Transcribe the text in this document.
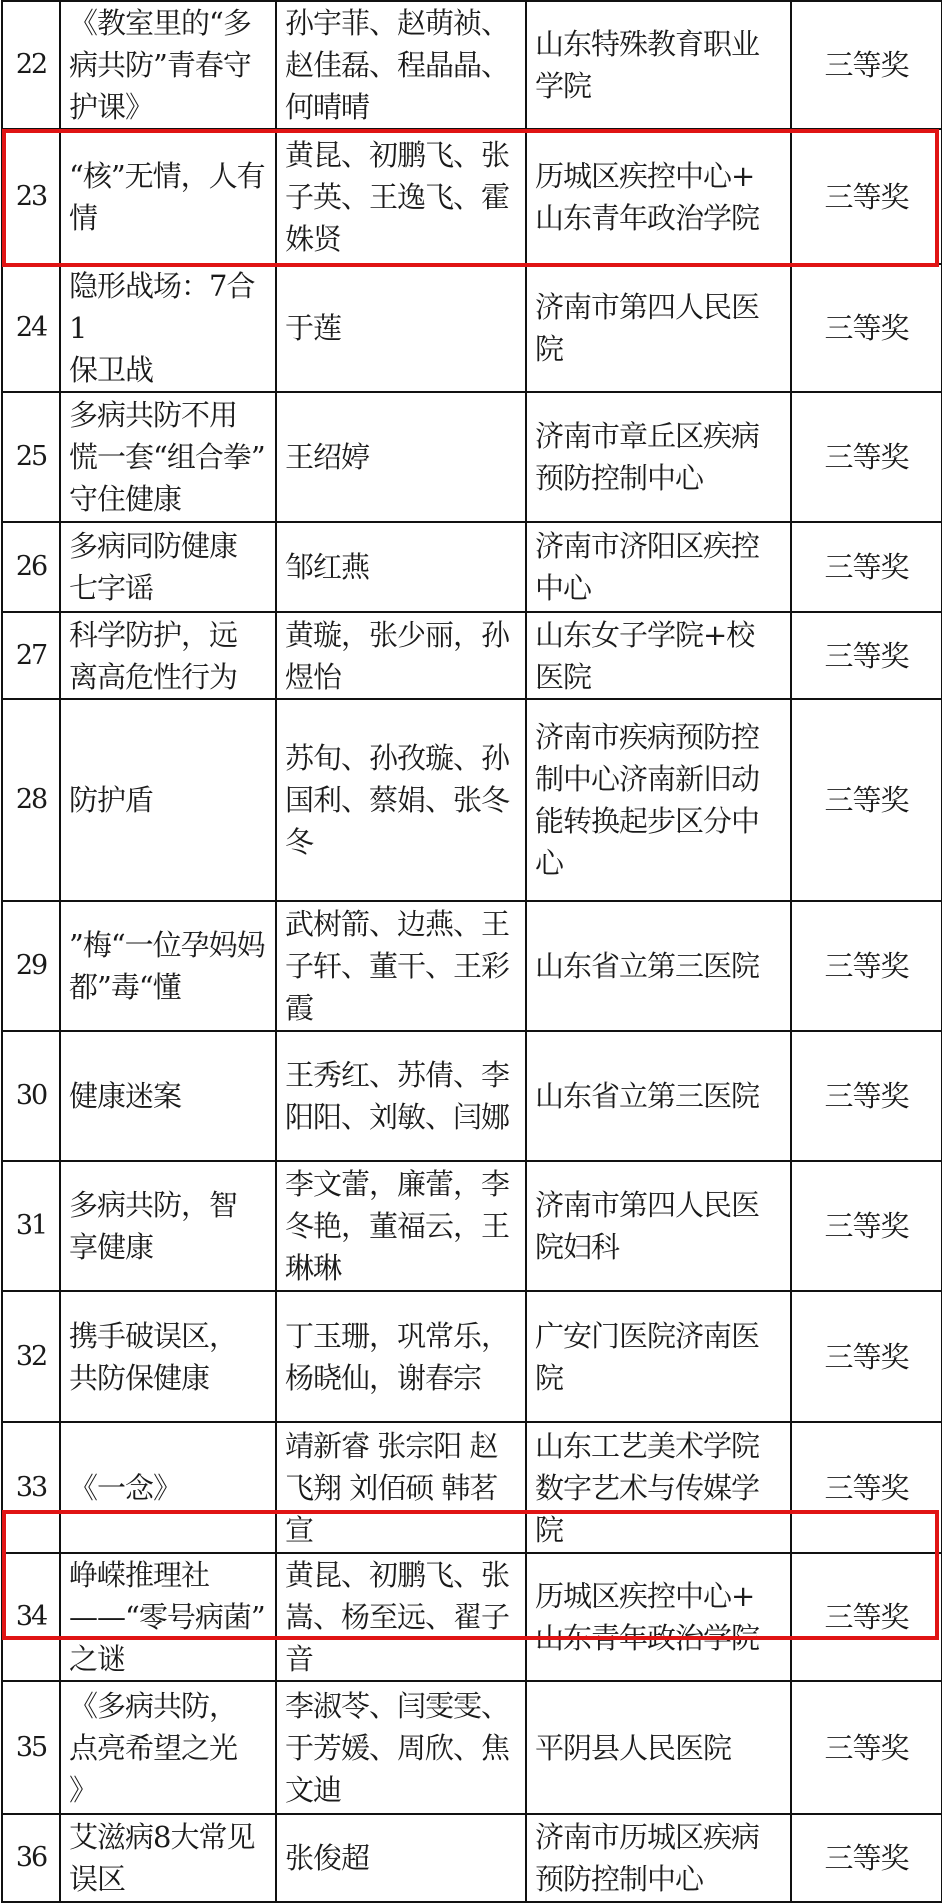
22	《教室里的“多
病共防”青春守
护课》	孙宇菲、赵萌祯、
赵佳磊、程晶晶、
何晴晴	山东特殊教育职业
学院	三等奖
23	“核”无情，人有
情	黄昆、初鹏飞、张
子英、王逸飞、霍
姝贤	历城区疾控中心+
山东青年政治学院	三等奖
24	隐形战场：7合1
保卫战	于莲	济南市第四人民医
院	三等奖
25	多病共防不用
慌一套“组合拳”
守住健康	王绍婷	济南市章丘区疾病
预防控制中心	三等奖
26	多病同防健康
七字谣	邹红燕	济南市济阳区疾控
中心	三等奖
27	科学防护，远
离高危性行为	黄璇，张少丽，孙
煜怡	山东女子学院+校
医院	三等奖
28	防护盾	苏旬、孙孜璇、孙
国利、蔡娟、张冬
冬	济南市疾病预防控
制中心济南新旧动
能转换起步区分中
心	三等奖
29	”梅“一位孕妈妈
都”毒“懂	武树箭、边燕、王
子轩、董干、王彩
霞	山东省立第三医院	三等奖
30	健康迷案	王秀红、苏倩、李
阳阳、刘敏、闫娜	山东省立第三医院	三等奖
31	多病共防，智
享健康	李文蕾，廉蕾，李
冬艳，董福云，王
琳琳	济南市第四人民医
院妇科	三等奖
32	携手破误区，
共防保健康	丁玉珊，巩常乐，
杨晓仙，谢春宗	广安门医院济南医
院	三等奖
33	《一念》	靖新睿 张宗阳 赵
飞翔 刘佰硕 韩茗
宣	山东工艺美术学院
数字艺术与传媒学
院	三等奖
34	峥嵘推理社
——“零号病菌”
之谜	黄昆、初鹏飞、张
嵩、杨至远、翟子
音	历城区疾控中心+
山东青年政治学院	三等奖
35	《多病共防，
点亮希望之光
》	李淑苓、闫雯雯、
于芳媛、周欣、焦
文迪	平阴县人民医院	三等奖
36	艾滋病8大常见
误区	张俊超	济南市历城区疾病
预防控制中心	三等奖
